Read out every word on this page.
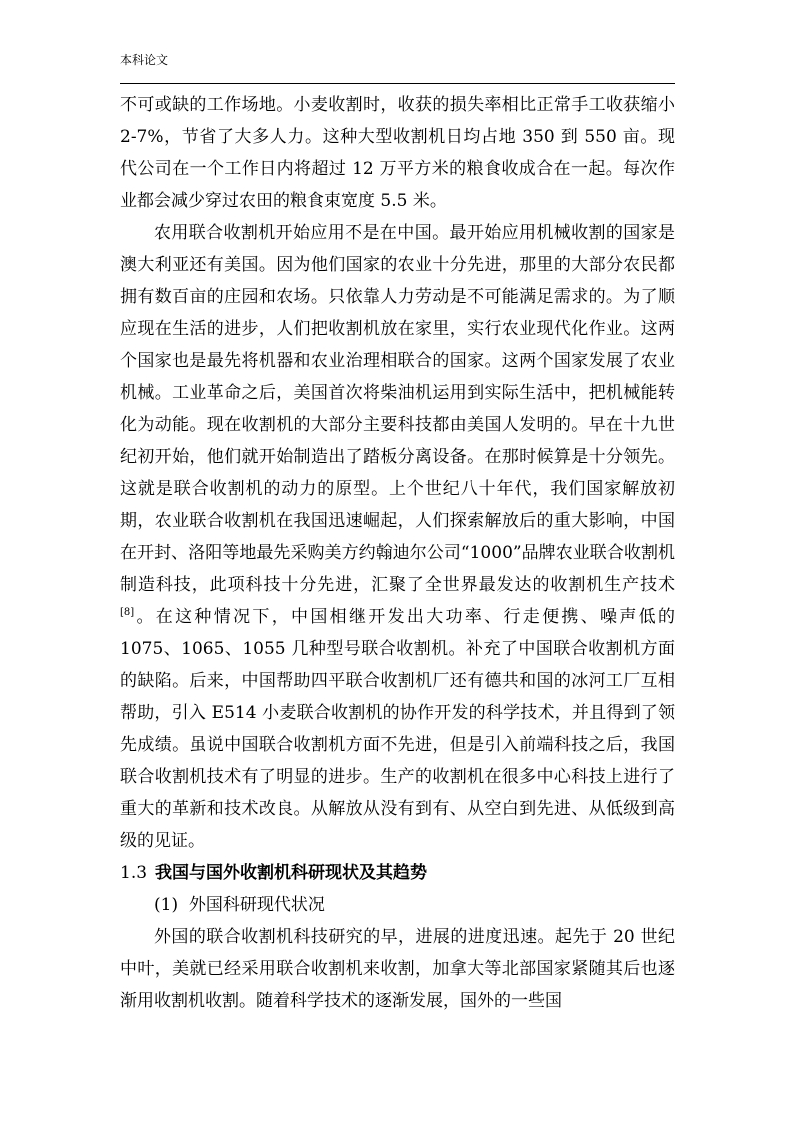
本科论文

不可或缺的工作场地。小麦收割时，收获的损失率相比正常手工收获缩小 2-7%，节省了大多人力。这种大型收割机日均占地 350 到 550 亩。现代公司在一个工作日内将超过 12 万平方米的粮食收成合在一起。每次作业都会减少穿过农田的粮食束宽度 5.5 米。

农用联合收割机开始应用不是在中国。最开始应用机械收割的国家是澳大利亚还有美国。因为他们国家的农业十分先进，那里的大部分农民都拥有数百亩的庄园和农场。只依靠人力劳动是不可能满足需求的。为了顺应现在生活的进步，人们把收割机放在家里，实行农业现代化作业。这两个国家也是最先将机器和农业治理相联合的国家。这两个国家发展了农业机械。工业革命之后，美国首次将柴油机运用到实际生活中，把机械能转化为动能。现在收割机的大部分主要科技都由美国人发明的。早在十九世纪初开始，他们就开始制造出了踏板分离设备。在那时候算是十分领先。这就是联合收割机的动力的原型。上个世纪八十年代，我们国家解放初期，农业联合收割机在我国迅速崛起，人们探索解放后的重大影响，中国在开封、洛阳等地最先采购美方约翰迪尔公司“1000”品牌农业联合收割机制造科技，此项科技十分先进，汇聚了全世界最发达的收割机生产技术[8]。在这种情况下，中国相继开发出大功率、行走便携、噪声低的 1075、1065、1055 几种型号联合收割机。补充了中国联合收割机方面的缺陷。后来，中国帮助四平联合收割机厂还有德共和国的冰河工厂互相帮助，引入 E514 小麦联合收割机的协作开发的科学技术，并且得到了领先成绩。虽说中国联合收割机方面不先进，但是引入前端科技之后，我国联合收割机技术有了明显的进步。生产的收割机在很多中心科技上进行了重大的革新和技术改良。从解放从没有到有、从空白到先进、从低级到高级的见证。

1.3 我国与国外收割机科研现状及其趋势

(1) 外国科研现代状况

外国的联合收割机科技研究的早，进展的进度迅速。起先于 20 世纪中叶，美就已经采用联合收割机来收割，加拿大等北部国家紧随其后也逐渐用收割机收割。随着科学技术的逐渐发展，国外的一些国
